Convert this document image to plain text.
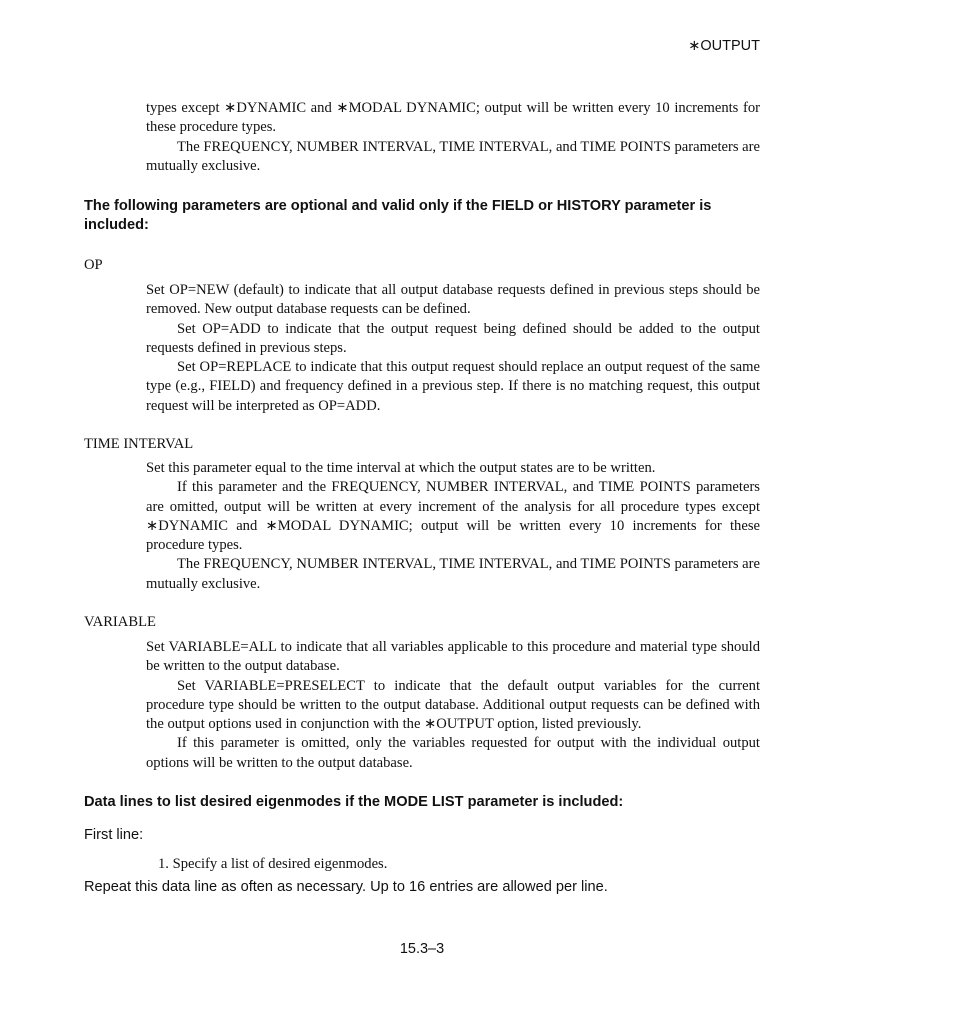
∗OUTPUT

types except ∗DYNAMIC and ∗MODAL DYNAMIC; output will be written every 10 increments for these procedure types.

The FREQUENCY, NUMBER INTERVAL, TIME INTERVAL, and TIME POINTS parameters are mutually exclusive.

The following parameters are optional and valid only if the FIELD or HISTORY parameter is included:

OP

Set OP=NEW (default) to indicate that all output database requests defined in previous steps should be removed. New output database requests can be defined.

Set OP=ADD to indicate that the output request being defined should be added to the output requests defined in previous steps.

Set OP=REPLACE to indicate that this output request should replace an output request of the same type (e.g., FIELD) and frequency defined in a previous step. If there is no matching request, this output request will be interpreted as OP=ADD.

TIME INTERVAL

Set this parameter equal to the time interval at which the output states are to be written.

If this parameter and the FREQUENCY, NUMBER INTERVAL, and TIME POINTS parameters are omitted, output will be written at every increment of the analysis for all procedure types except ∗DYNAMIC and ∗MODAL DYNAMIC; output will be written every 10 increments for these procedure types.

The FREQUENCY, NUMBER INTERVAL, TIME INTERVAL, and TIME POINTS parameters are mutually exclusive.

VARIABLE

Set VARIABLE=ALL to indicate that all variables applicable to this procedure and material type should be written to the output database.

Set VARIABLE=PRESELECT to indicate that the default output variables for the current procedure type should be written to the output database. Additional output requests can be defined with the output options used in conjunction with the ∗OUTPUT option, listed previously.

If this parameter is omitted, only the variables requested for output with the individual output options will be written to the output database.

Data lines to list desired eigenmodes if the MODE LIST parameter is included:

First line:
1. Specify a list of desired eigenmodes.
Repeat this data line as often as necessary. Up to 16 entries are allowed per line.
15.3–3
